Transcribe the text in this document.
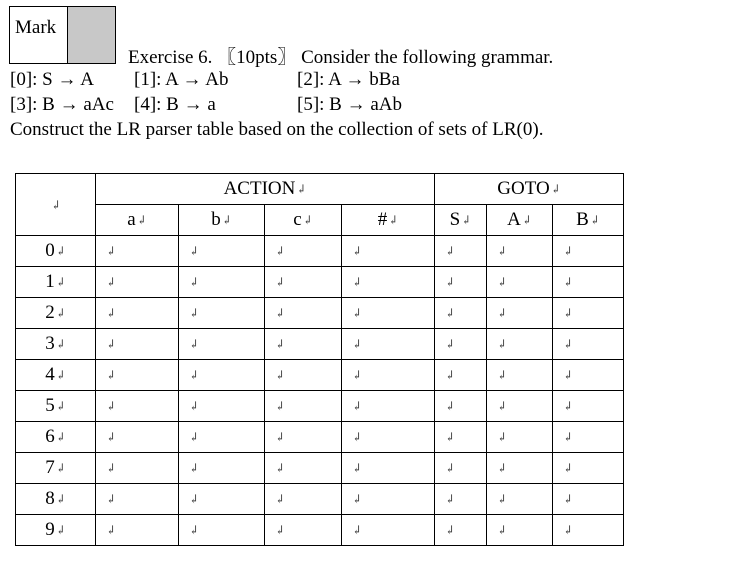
Mark
Exercise 6. 〖10pts〗 Consider the following grammar.
[0]: S → A [1]: A → Ab	[2]: A → bBa
[3]: B → aAc [4]: B → a	[5]: B → aAb
Construct the LR parser table based on the collection of sets of LR(0).
↲	ACTION↲				GOTO↲		
	a↲	b↲	c↲	#↲	S↲	A↲	B↲
0↲	↲	↲	↲	↲	↲	↲	↲

1↲	↲	↲	↲	↲	↲	↲	↲

2↲	↲	↲	↲	↲	↲	↲	↲

3↲	↲	↲	↲	↲	↲	↲	↲

4↲	↲	↲	↲	↲	↲	↲	↲

5↲	↲	↲	↲	↲	↲	↲	↲

6↲	↲	↲	↲	↲	↲	↲	↲

7↲	↲	↲	↲	↲	↲	↲	↲

8↲	↲	↲	↲	↲	↲	↲	↲

9↲	↲	↲	↲	↲	↲	↲	↲
